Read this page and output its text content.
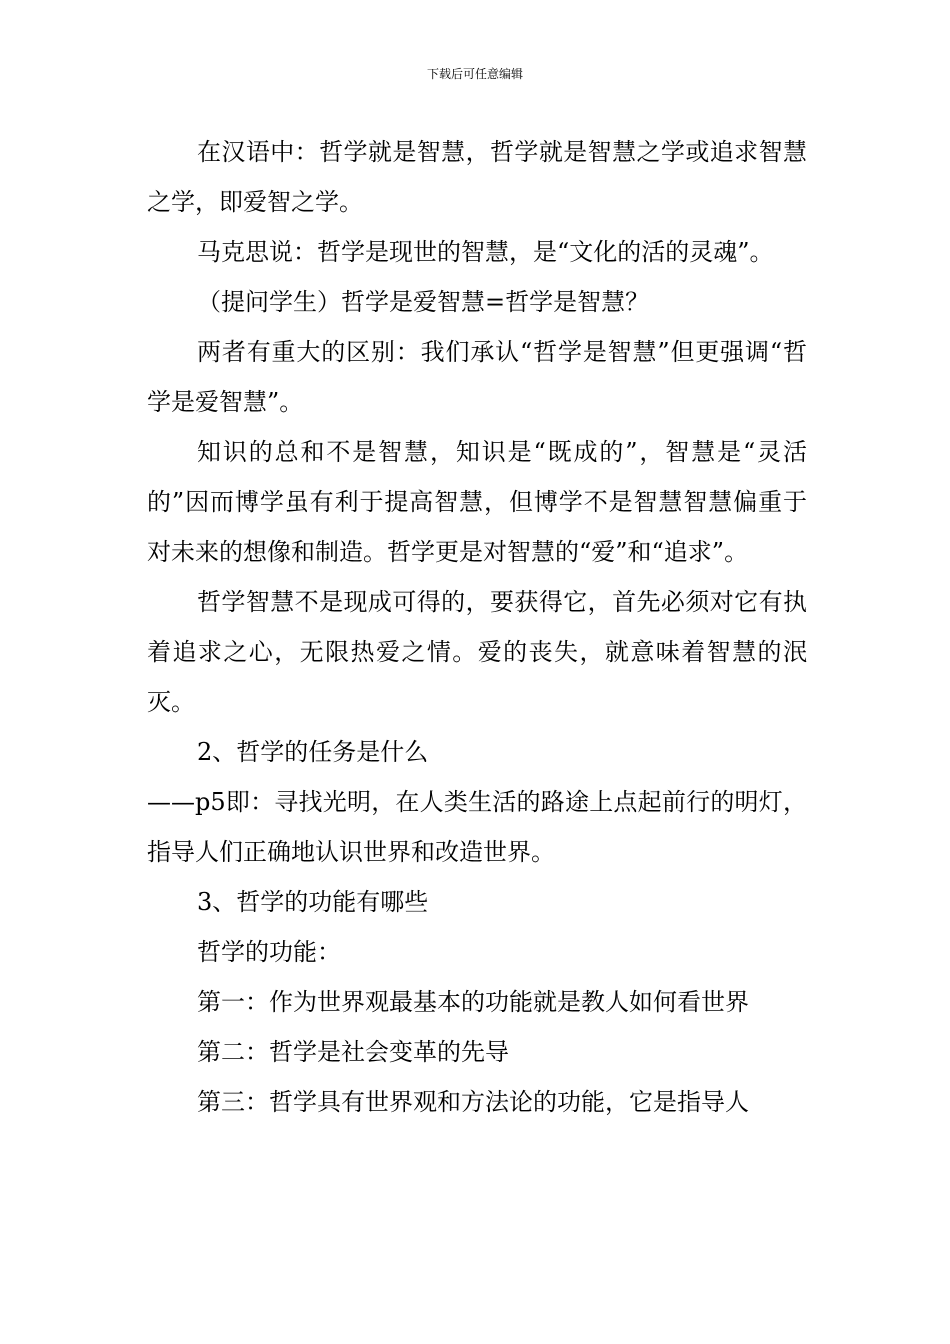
下载后可任意编辑

在汉语中：哲学就是智慧，哲学就是智慧之学或追求智慧之学，即爱智之学。

马克思说：哲学是现世的智慧，是“文化的活的灵魂”。

（提问学生）哲学是爱智慧=哲学是智慧？

两者有重大的区别：我们承认“哲学是智慧”但更强调“哲学是爱智慧”。

知识的总和不是智慧，知识是“既成的”，智慧是“灵活的”因而博学虽有利于提高智慧，但博学不是智慧智慧偏重于对未来的想像和制造。哲学更是对智慧的“爱”和“追求”。

哲学智慧不是现成可得的，要获得它，首先必须对它有执着追求之心，无限热爱之情。爱的丧失，就意味着智慧的泯灭。

2、哲学的任务是什么

——p5即：寻找光明，在人类生活的路途上点起前行的明灯，指导人们正确地认识世界和改造世界。

3、哲学的功能有哪些

哲学的功能：

第一：作为世界观最基本的功能就是教人如何看世界

第二：哲学是社会变革的先导

第三：哲学具有世界观和方法论的功能，它是指导人
